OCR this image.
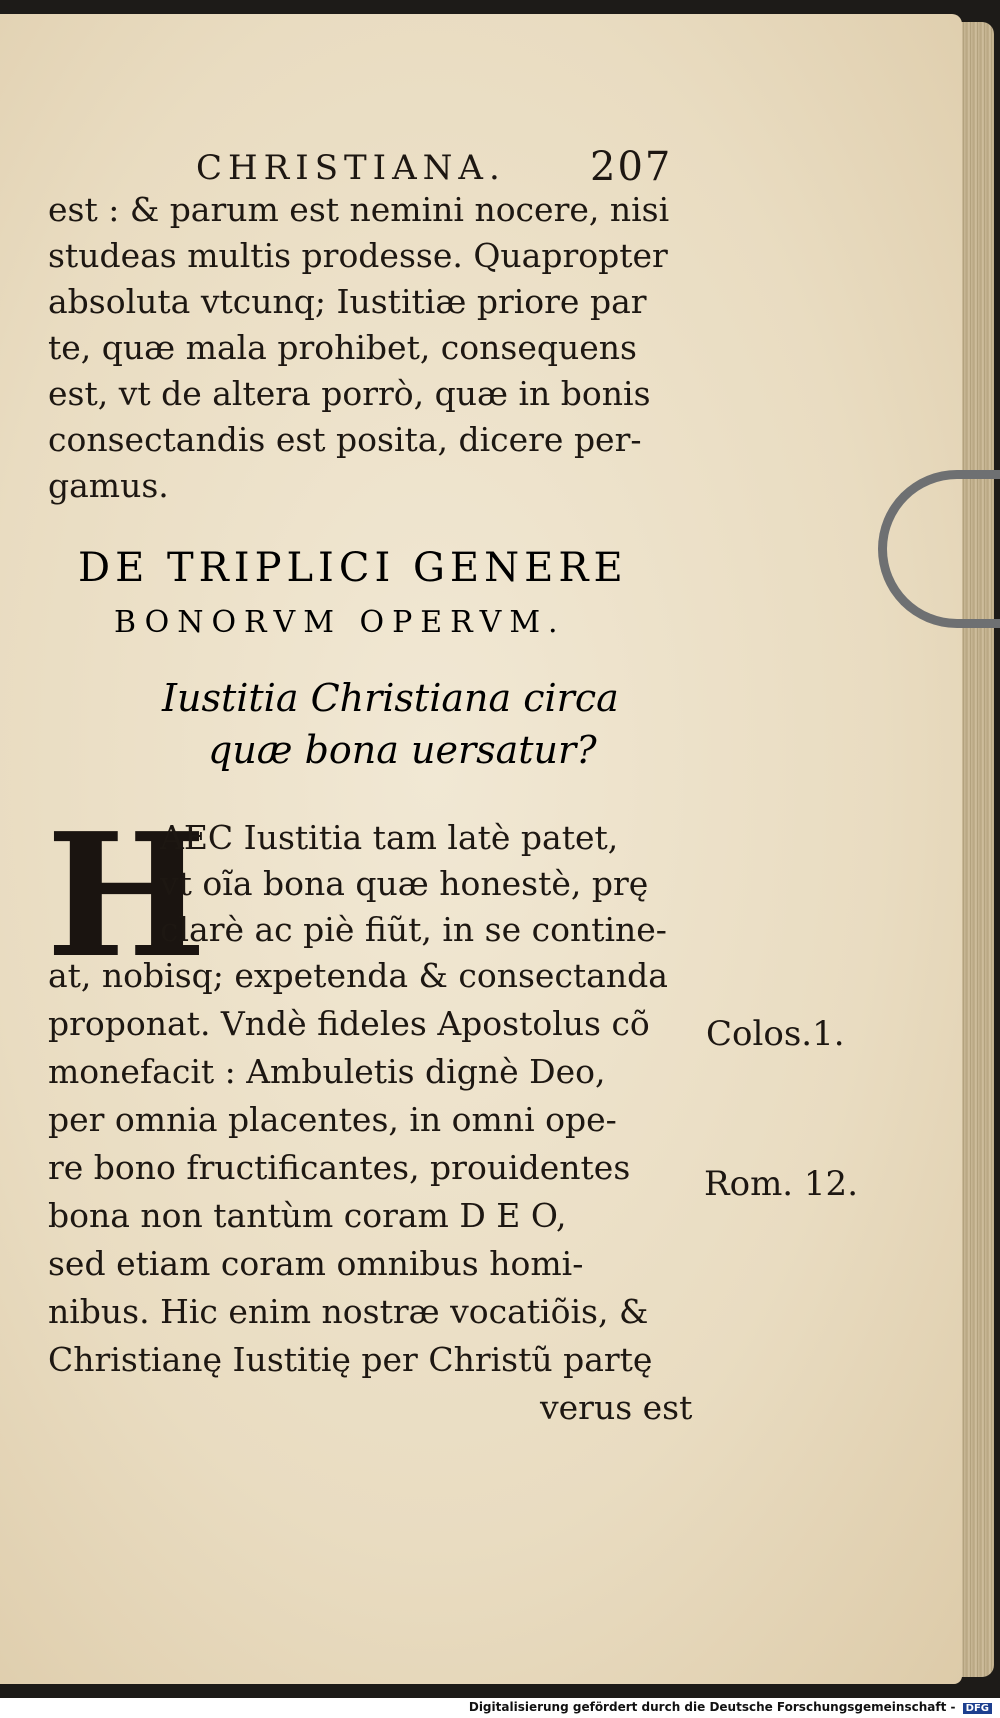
CHRISTIANA. 207
est : & parum est nemini nocere, nisi
studeas multis prodesse. Quapropter
absoluta vtcunq; Iustitiæ priore par
te, quæ mala prohibet, consequens
est, vt de altera porrò, quæ in bonis
consectandis est posita, dicere per-
gamus.
DE TRIPLICI GENERE
BONORVM OPERVM.
Iustitia Christiana circa
quæ bona uersatur?
H
AEC Iustitia tam latè patet,
vt oĩa bona quæ honestè, prę
clarè ac piè fiũt, in se contine-
at, nobisq; expetenda & consectanda
proponat. Vndè fideles Apostolus cõ
monefacit : Ambuletis dignè Deo,
per omnia placentes, in omni ope-
re bono fructificantes, prouidentes
bona non tantùm coram D E O,
sed etiam coram omnibus homi-
nibus. Hic enim nostræ vocatiõis, &
Christianę Iustitię per Christũ partę
verus est
Colos.1.
Rom. 12.
Digitalisierung gefördert durch die Deutsche Forschungsgemeinschaft - DFG
